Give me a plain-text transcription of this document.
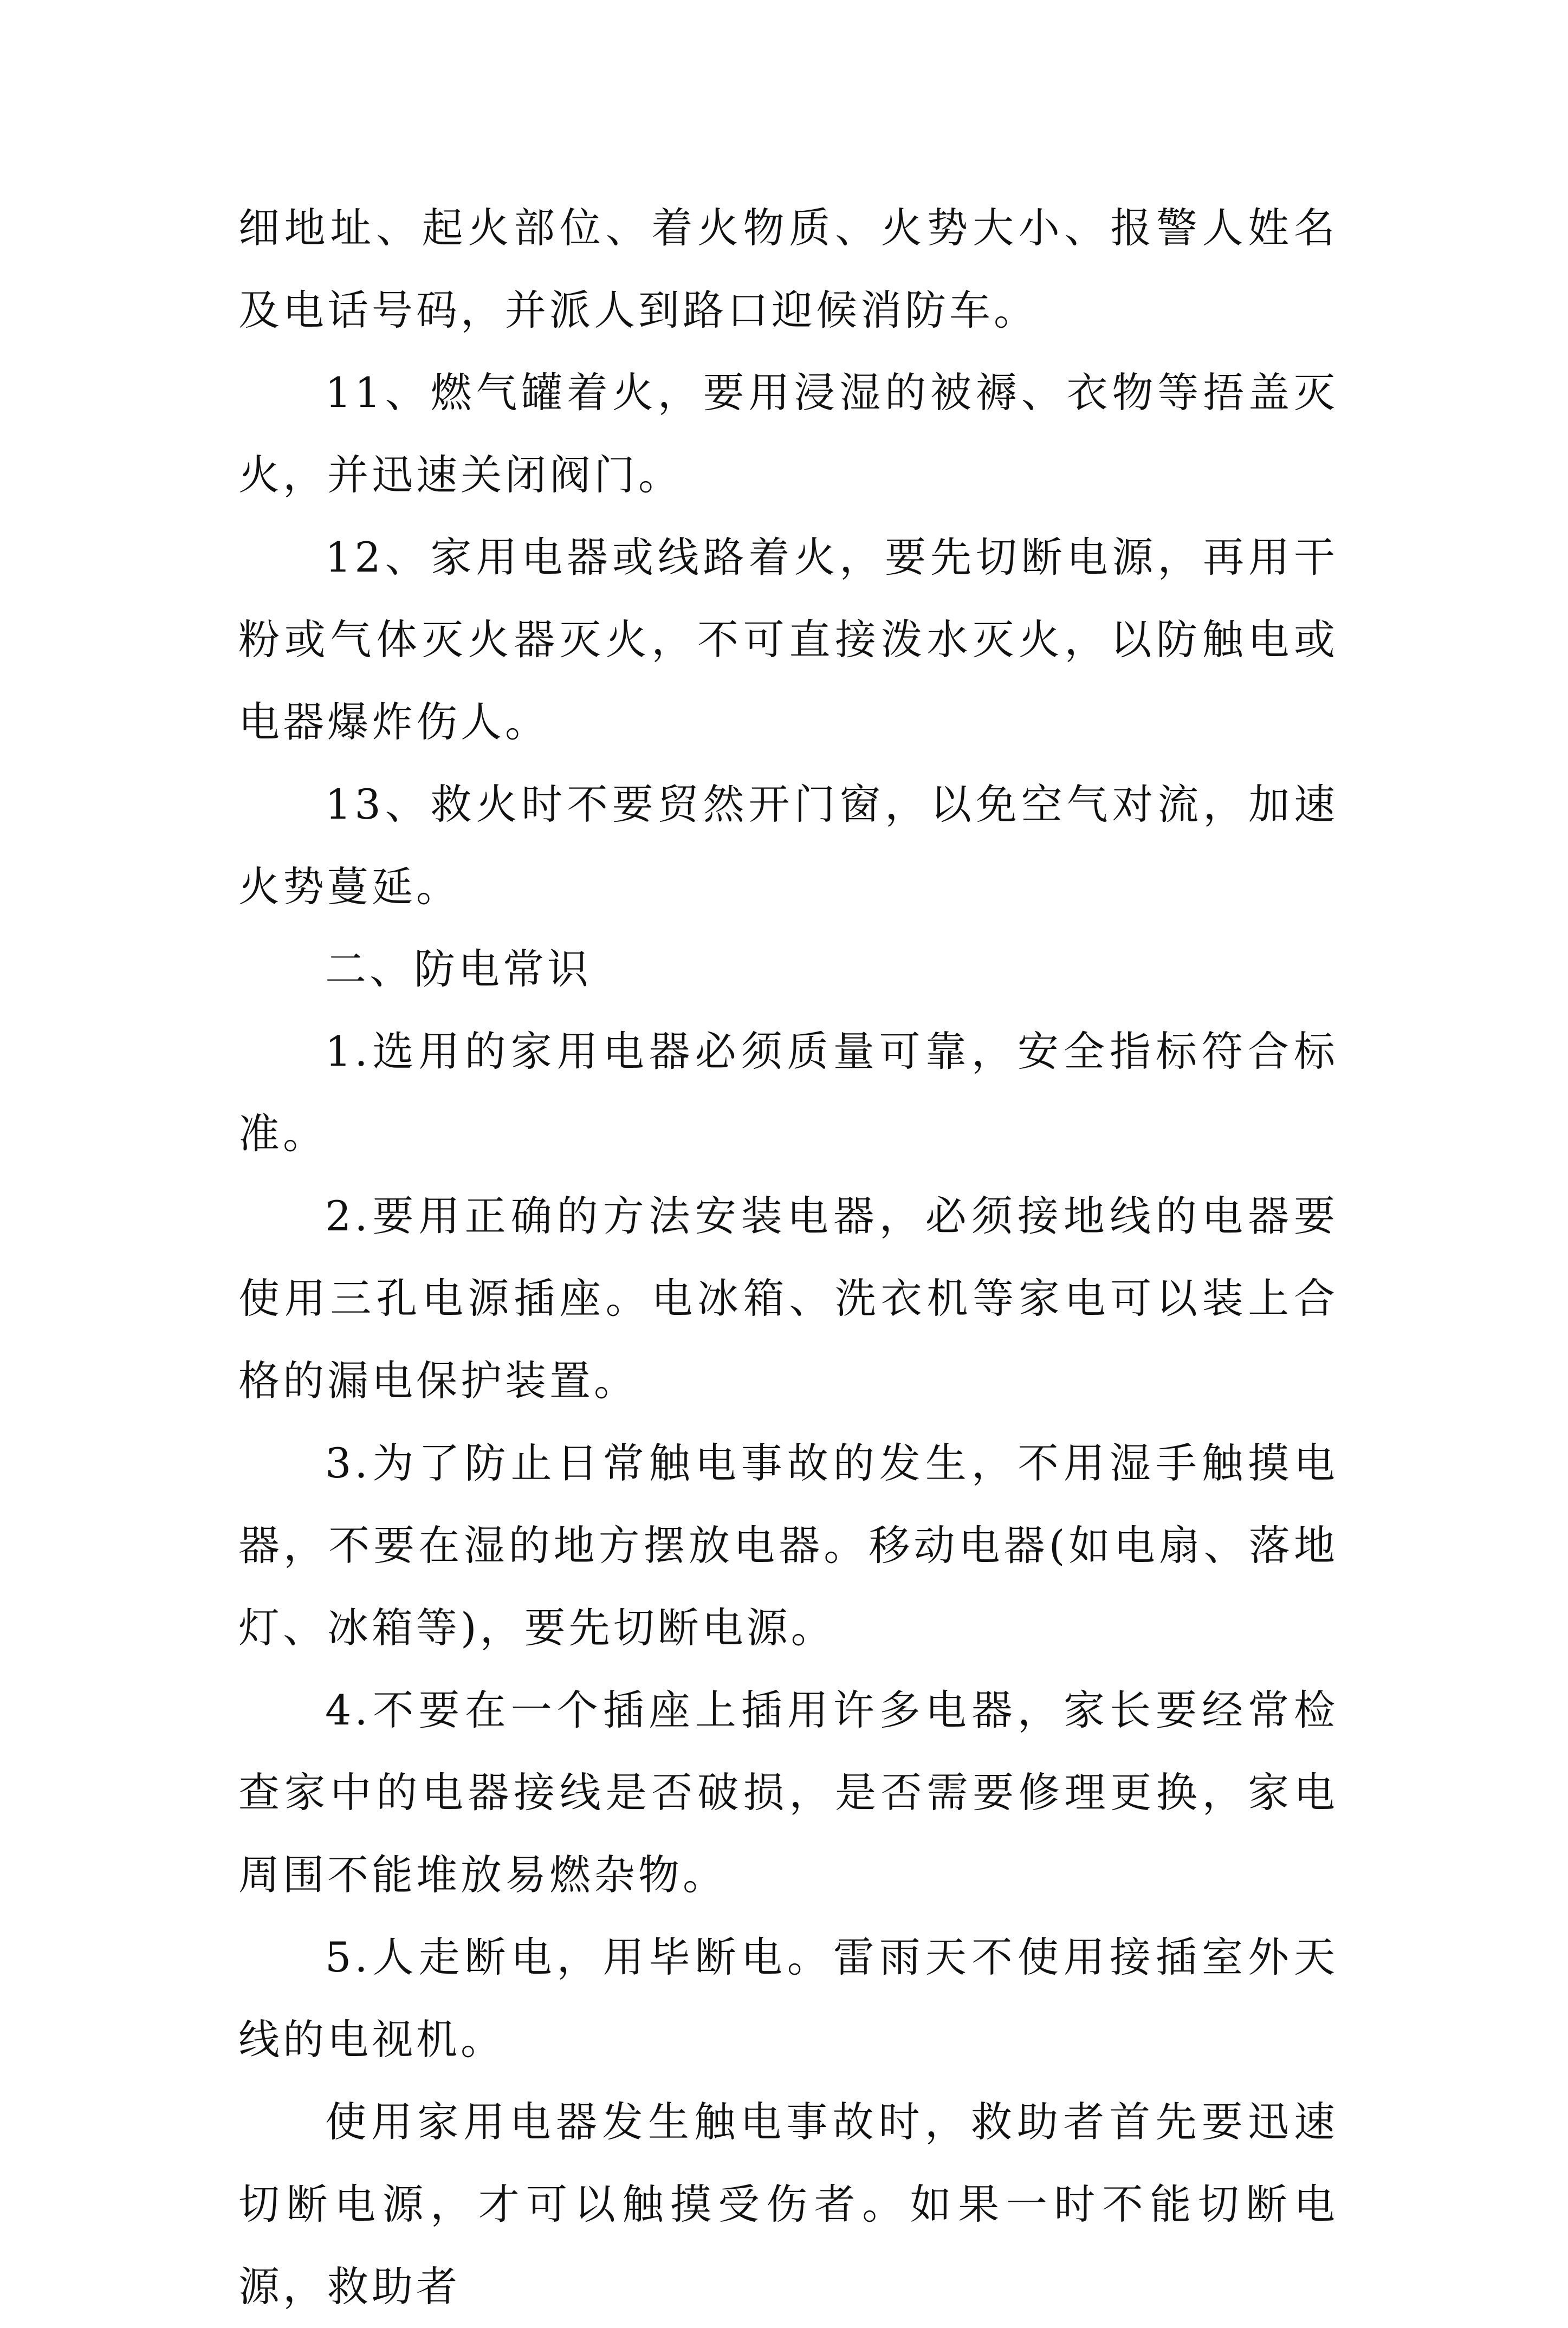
细地址、起火部位、着火物质、火势大小、报警人姓名及电话号码，并派人到路口迎候消防车。

11、燃气罐着火，要用浸湿的被褥、衣物等捂盖灭火，并迅速关闭阀门。

12、家用电器或线路着火，要先切断电源，再用干粉或气体灭火器灭火，不可直接泼水灭火，以防触电或电器爆炸伤人。

13、救火时不要贸然开门窗，以免空气对流，加速火势蔓延。

二、防电常识

1.选用的家用电器必须质量可靠，安全指标符合标准。

2.要用正确的方法安装电器，必须接地线的电器要使用三孔电源插座。电冰箱、洗衣机等家电可以装上合格的漏电保护装置。

3.为了防止日常触电事故的发生，不用湿手触摸电器，不要在湿的地方摆放电器。移动电器(如电扇、落地灯、冰箱等)，要先切断电源。

4.不要在一个插座上插用许多电器，家长要经常检查家中的电器接线是否破损，是否需要修理更换，家电周围不能堆放易燃杂物。

5.人走断电，用毕断电。雷雨天不使用接插室外天线的电视机。

使用家用电器发生触电事故时，救助者首先要迅速切断电源，才可以触摸受伤者。如果一时不能切断电源，救助者
